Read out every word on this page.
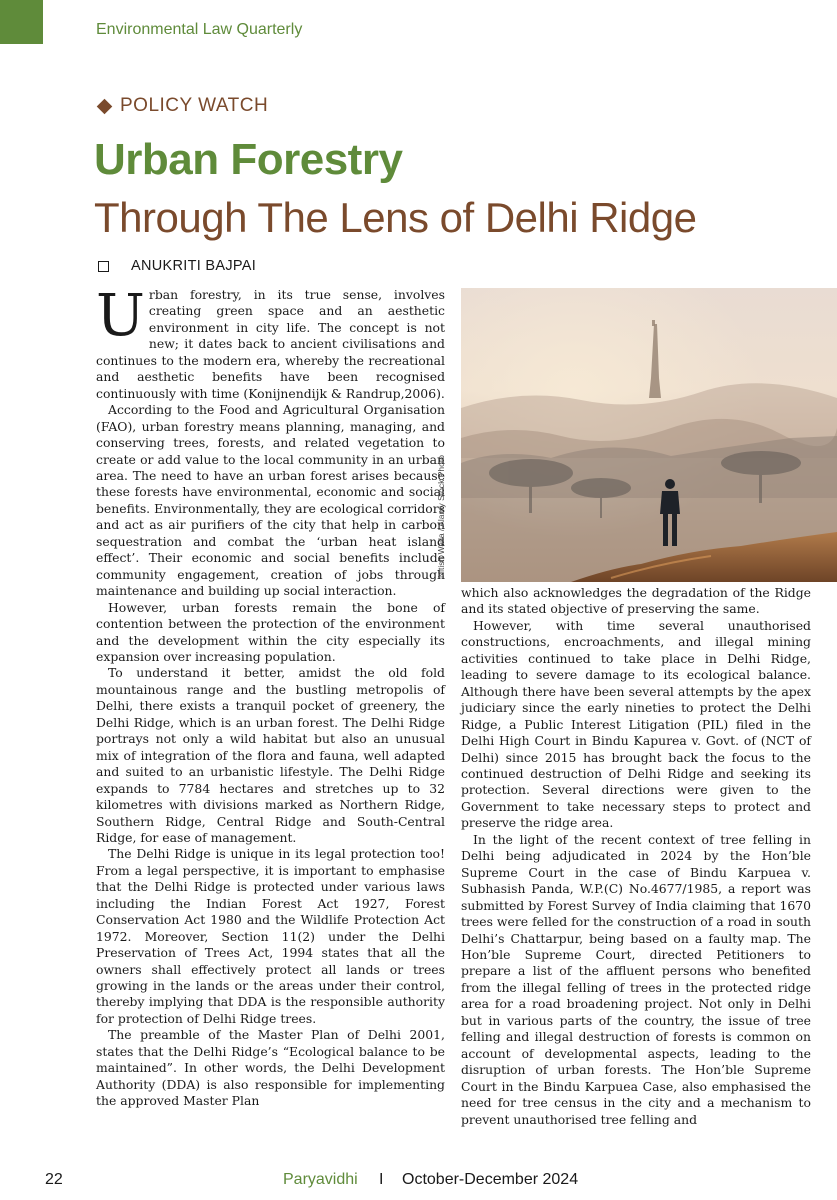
Environmental Law Quarterly
POLICY WATCH
Urban Forestry
Through The Lens of Delhi Ridge
ANUKRITI BAJPAI

Urban forestry, in its true sense, involves creating green space and an aesthetic environment in city life. The concept is not new; it dates back to ancient civilisations and continues to the modern era, whereby the recreational and aesthetic benefits have been recognised continuously with time (Konijnendijk & Randrup,2006).

According to the Food and Agricultural Organisation (FAO), urban forestry means planning, managing, and conserving trees, forests, and related vegetation to create or add value to the local community in an urban area. The need to have an urban forest arises because these forests have environmental, economic and social benefits. Environmentally, they are ecological corridors and act as air purifiers of the city that help in carbon sequestration and combat the ‘urban heat island effect’. Their economic and social benefits include community engagement, creation of jobs through maintenance and building up social interaction.

However, urban forests remain the bone of contention between the protection of the environment and the development within the city especially its expansion over increasing population.

To understand it better, amidst the old fold mountainous range and the bustling metropolis of Delhi, there exists a tranquil pocket of greenery, the Delhi Ridge, which is an urban forest. The Delhi Ridge portrays not only a wild habitat but also an unusual mix of integration of the flora and fauna, well adapted and suited to an urbanistic lifestyle. The Delhi Ridge expands to 7784 hectares and stretches up to 32 kilometres with divisions marked as Northern Ridge, Southern Ridge, Central Ridge and South-Central Ridge, for ease of management.

The Delhi Ridge is unique in its legal protection too! From a legal perspective, it is important to emphasise that the Delhi Ridge is protected under various laws including the Indian Forest Act 1927, Forest Conservation Act 1980 and the Wildlife Protection Act 1972. Moreover, Section 11(2) under the Delhi Preservation of Trees Act, 1994 states that all the owners shall effectively protect all lands or trees growing in the lands or the areas under their control, thereby implying that DDA is the responsible authority for protection of Delhi Ridge trees.

The preamble of the Master Plan of Delhi 2001, states that the Delhi Ridge’s “Ecological balance to be maintained”. In other words, the Delhi Development Authority (DDA) is also responsible for implementing the approved Master Plan

Nitish Waila / Alamy Stock Photo

which also acknowledges the degradation of the Ridge and its stated objective of preserving the same.

However, with time several unauthorised constructions, encroachments, and illegal mining activities continued to take place in Delhi Ridge, leading to severe damage to its ecological balance. Although there have been several attempts by the apex judiciary since the early nineties to protect the Delhi Ridge, a Public Interest Litigation (PIL) filed in the Delhi High Court in Bindu Kapurea v. Govt. of (NCT of Delhi) since 2015 has brought back the focus to the continued destruction of Delhi Ridge and seeking its protection. Several directions were given to the Government to take necessary steps to protect and preserve the ridge area.

In the light of the recent context of tree felling in Delhi being adjudicated in 2024 by the Hon’ble Supreme Court in the case of Bindu Karpuea v. Subhasish Panda, W.P.(C) No.4677/1985, a report was submitted by Forest Survey of India claiming that 1670 trees were felled for the construction of a road in south Delhi’s Chattarpur, being based on a faulty map. The Hon’ble Supreme Court, directed Petitioners to prepare a list of the affluent persons who benefited from the illegal felling of trees in the protected ridge area for a road broadening project. Not only in Delhi but in various parts of the country, the issue of tree felling and illegal destruction of forests is common on account of developmental aspects, leading to the disruption of urban forests. The Hon’ble Supreme Court in the Bindu Karpuea Case, also emphasised the need for tree census in the city and a mechanism to prevent unauthorised tree felling and

22	Paryavidhi I October-December 2024
